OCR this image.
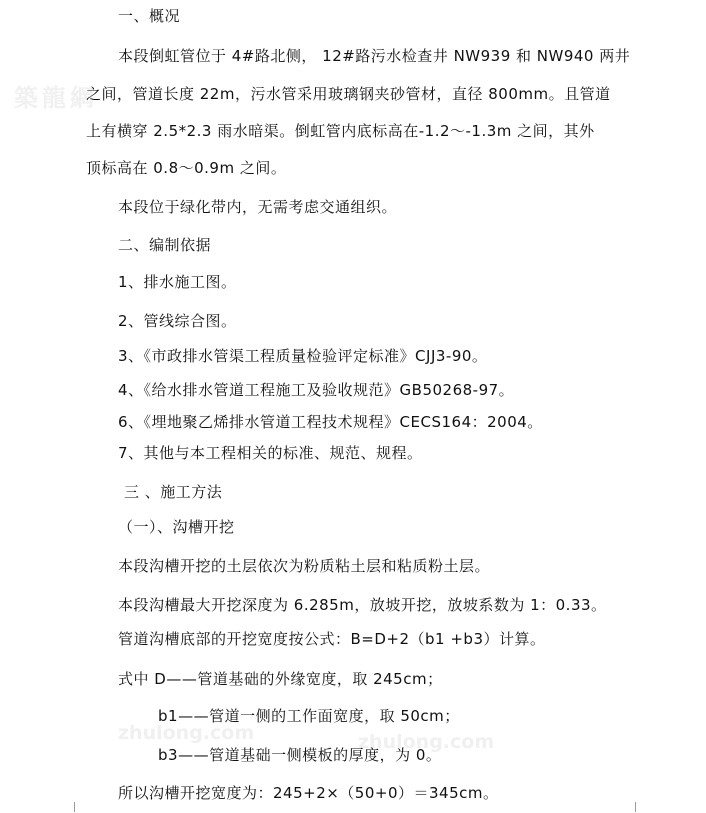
築龍網
zhulong.com	zhulong.com
一、概况
本段倒虹管位于 4#路北侧， 12#路污水检查井 NW939 和 NW940 两井
之间，管道长度 22m，污水管采用玻璃钢夹砂管材，直径 800mm。且管道
上有横穿 2.5*2.3 雨水暗渠。倒虹管内底标高在-1.2～-1.3m 之间，其外
顶标高在 0.8～0.9m 之间。
本段位于绿化带内，无需考虑交通组织。
二、编制依据
1、排水施工图。
2、管线综合图。
3、《市政排水管渠工程质量检验评定标准》CJJ3-90。
4、《给水排水管道工程施工及验收规范》GB50268-97。
6、《埋地聚乙烯排水管道工程技术规程》CECS164：2004。
7、其他与本工程相关的标准、规范、规程。
三 、施工方法
（一）、沟槽开挖
本段沟槽开挖的土层依次为粉质粘土层和粘质粉土层。
本段沟槽最大开挖深度为 6.285m，放坡开挖，放坡系数为 1：0.33。
管道沟槽底部的开挖宽度按公式：B=D+2（b1 +b3）计算。
式中 D——管道基础的外缘宽度，取 245cm；
b1——管道一侧的工作面宽度，取 50cm；
b3——管道基础一侧模板的厚度，为 0。
所以沟槽开挖宽度为：245+2×（50+0）＝345cm。
